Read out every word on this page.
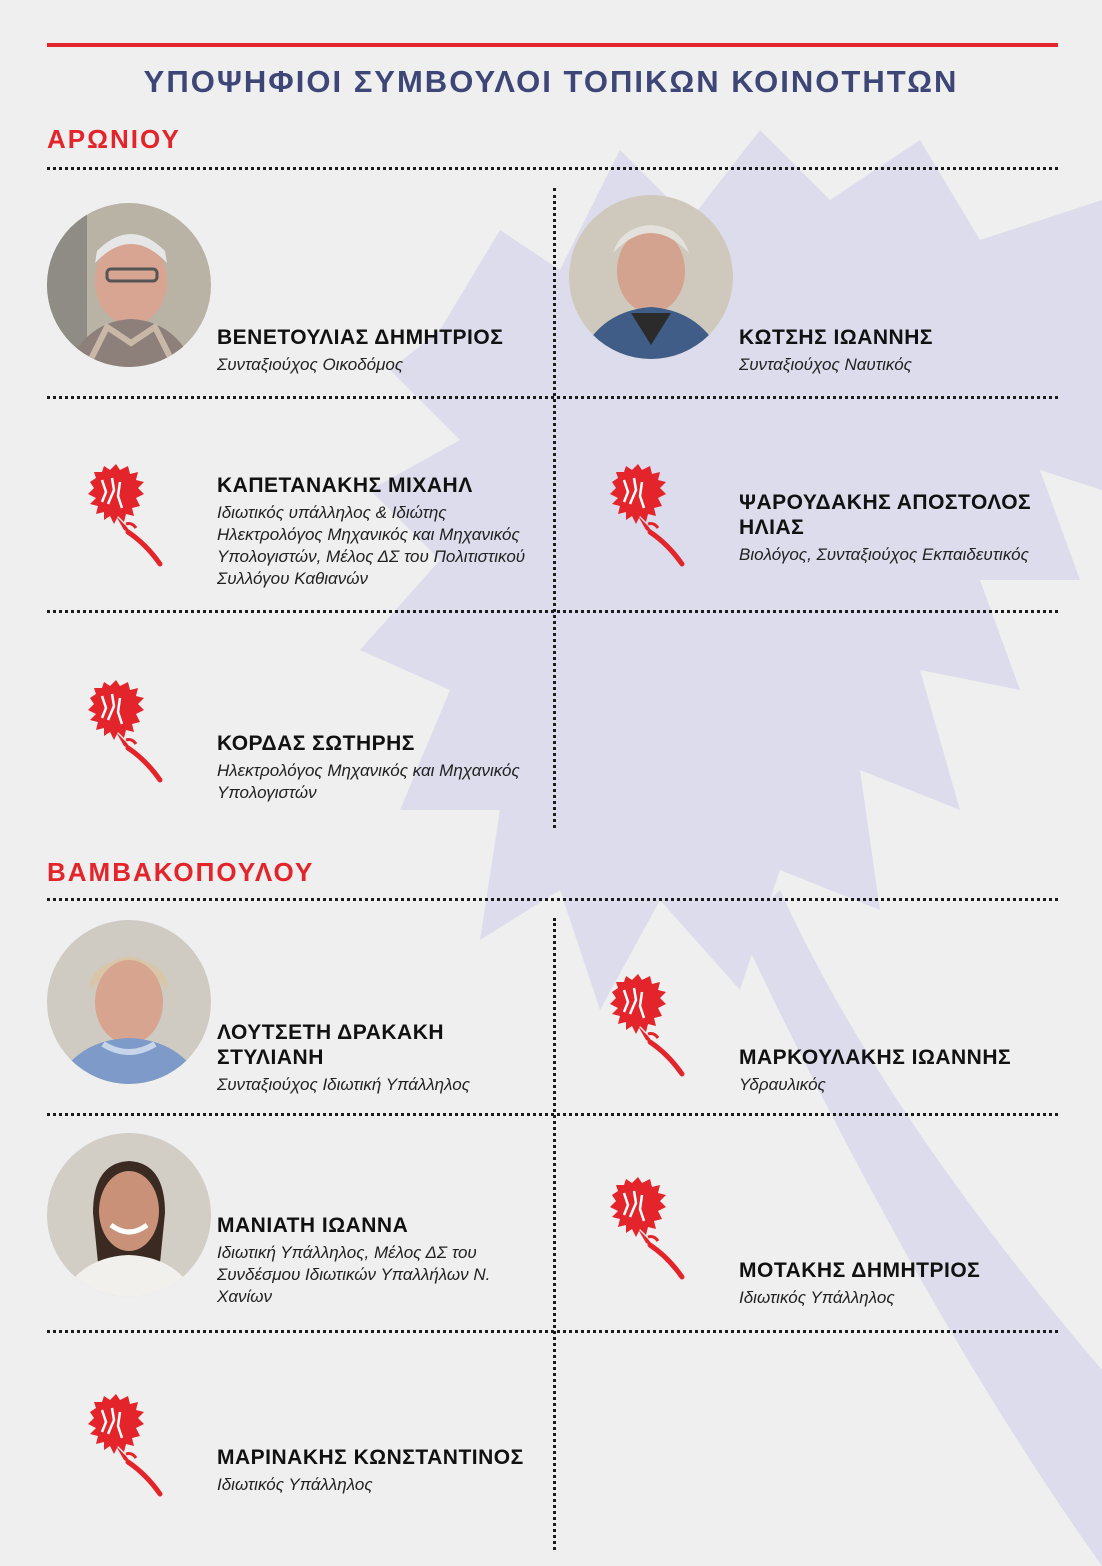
ΥΠΟΨΗΦΙΟΙ ΣΥΜΒΟΥΛΟΙ ΤΟΠΙΚΩΝ ΚΟΙΝΟΤΗΤΩΝ
ΑΡΩΝΙΟΥ
ΒΕΝΕΤΟΥΛΙΑΣ ΔΗΜΗΤΡΙΟΣ
Συνταξιούχος Οικοδόμος
ΚΩΤΣΗΣ ΙΩΑΝΝΗΣ
Συνταξιούχος Ναυτικός
ΚΑΠΕΤΑΝΑΚΗΣ ΜΙΧΑΗΛ
Ιδιωτικός υπάλληλος & Ιδιώτης Ηλεκτρολόγος Μηχανικός και Μηχανικός Υπολογιστών, Μέλος ΔΣ του Πολιτιστικού Συλλόγου Καθιανών
ΨΑΡΟΥΔΑΚΗΣ ΑΠΟΣΤΟΛΟΣ ΗΛΙΑΣ
Βιολόγος, Συνταξιούχος Εκπαιδευτικός
ΚΟΡΔΑΣ ΣΩΤΗΡΗΣ
Ηλεκτρολόγος Μηχανικός και Μηχανικός Υπολογιστών
ΒΑΜΒΑΚΟΠΟΥΛΟΥ
ΛΟΥΤΣΕΤΗ ΔΡΑΚΑΚΗ ΣΤΥΛΙΑΝΗ
Συνταξιούχος Ιδιωτική Υπάλληλος
ΜΑΡΚΟΥΛΑΚΗΣ ΙΩΑΝΝΗΣ
Υδραυλικός
ΜΑΝΙΑΤΗ ΙΩΑΝΝΑ
Ιδιωτική Υπάλληλος, Μέλος ΔΣ του Συνδέσμου Ιδιωτικών Υπαλλήλων Ν. Χανίων
ΜΟΤΑΚΗΣ ΔΗΜΗΤΡΙΟΣ
Ιδιωτικός Υπάλληλος
ΜΑΡΙΝΑΚΗΣ ΚΩΝΣΤΑΝΤΙΝΟΣ
Ιδιωτικός Υπάλληλος
